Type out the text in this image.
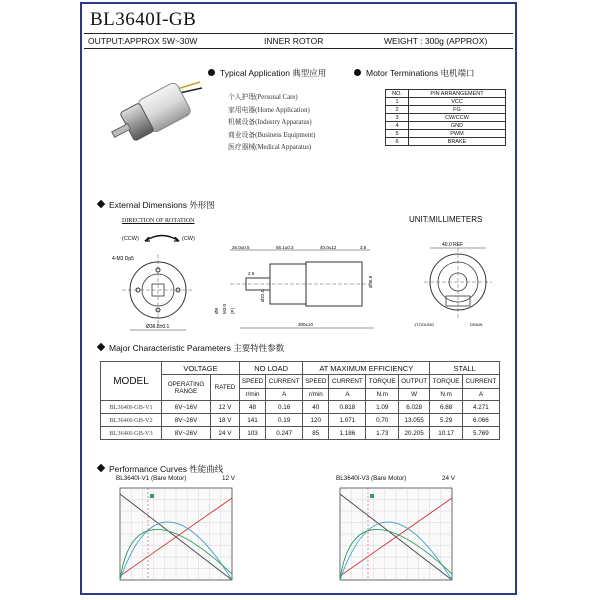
BL3640I-GB
OUTPUT:APPROX 5W~30W	INNER ROTOR	WEIGHT : 300g (APPROX)
Typical Application 典型应用
个人护理(Personal Care)
家用电器(Home Application)
机械设备(Industry Apparatus)
商业设备(Business Equipment)
医疗器械(Medical Apparatus)
Motor Terminations 电机端口
NO.	PIN ARRANGEMENT
1	VCC
2	FG
3	CW/CCW
4	GND
5	PWM
6	BRAKE
External Dimensions 外形图
UNIT:MILLIMETERS
DIRECTION OF ROTATION
(CCW)	(CW)
4-M3 Dp5
Ø36.8±0.1
26.0±0.5	56.1±0.3	40.0±12	3.5
2.5
Ø22.0
Ø36.8
Ø8 M3.0 (P)
300±10
40.0 REF
1TOOLING	DRAIN
Major Characteristic Parameters 主要特性参数
MODEL	VOLTAGE		NO LOAD		AT MAXIMUM EFFICIENCY				STALL	
	OPERATING RANGE	RATED	SPEED	CURRENT	SPEED	CURRENT	TORQUE	OUTPUT	TORQUE	CURRENT
			r/min	A	r/min	A	N.m	W	N.m	A
BL3640I-GB-V1	6V~16V	12 V	48	0.16	40	0.818	1.09	6.028	6.88	4.271
BL3640I-GB-V2	8V~26V	18 V	141	0.19	120	1.071	0.70	13.055	5.29	6.066
BL3640I-GB-V3	8V~26V	24 V	103	0.247	85	1.186	1.73	20.205	10.17	5.769
Performance Curves 性能曲线
BL3640I-V1 (Bare Motor)	12 V	BL3640I-V3 (Bare Motor)	24 V
